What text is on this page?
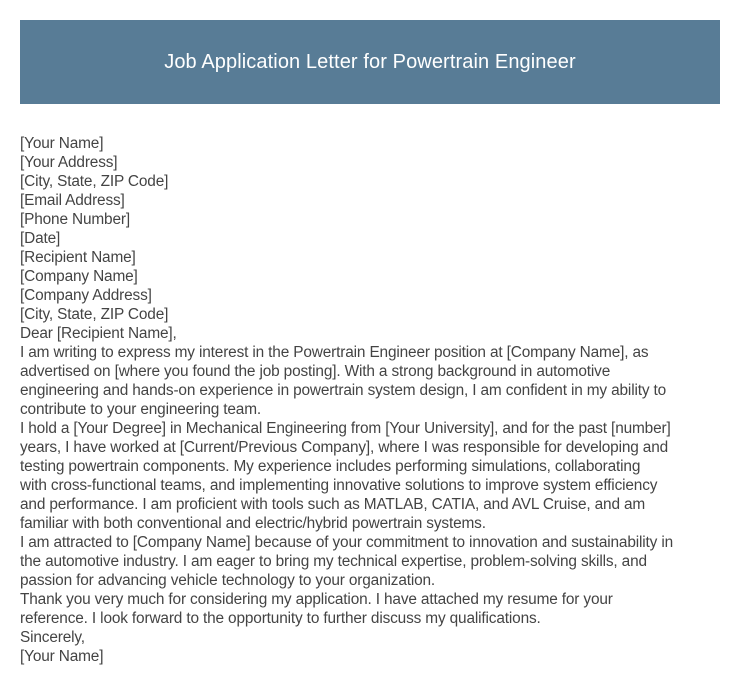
Job Application Letter for Powertrain Engineer
[Your Name]
[Your Address]
[City, State, ZIP Code]
[Email Address]
[Phone Number]
[Date]
[Recipient Name]
[Company Name]
[Company Address]
[City, State, ZIP Code]
Dear [Recipient Name],
I am writing to express my interest in the Powertrain Engineer position at [Company Name], as
advertised on [where you found the job posting]. With a strong background in automotive
engineering and hands-on experience in powertrain system design, I am confident in my ability to
contribute to your engineering team.
I hold a [Your Degree] in Mechanical Engineering from [Your University], and for the past [number]
years, I have worked at [Current/Previous Company], where I was responsible for developing and
testing powertrain components. My experience includes performing simulations, collaborating
with cross-functional teams, and implementing innovative solutions to improve system efficiency
and performance. I am proficient with tools such as MATLAB, CATIA, and AVL Cruise, and am
familiar with both conventional and electric/hybrid powertrain systems.
I am attracted to [Company Name] because of your commitment to innovation and sustainability in
the automotive industry. I am eager to bring my technical expertise, problem-solving skills, and
passion for advancing vehicle technology to your organization.
Thank you very much for considering my application. I have attached my resume for your
reference. I look forward to the opportunity to further discuss my qualifications.
Sincerely,
[Your Name]
